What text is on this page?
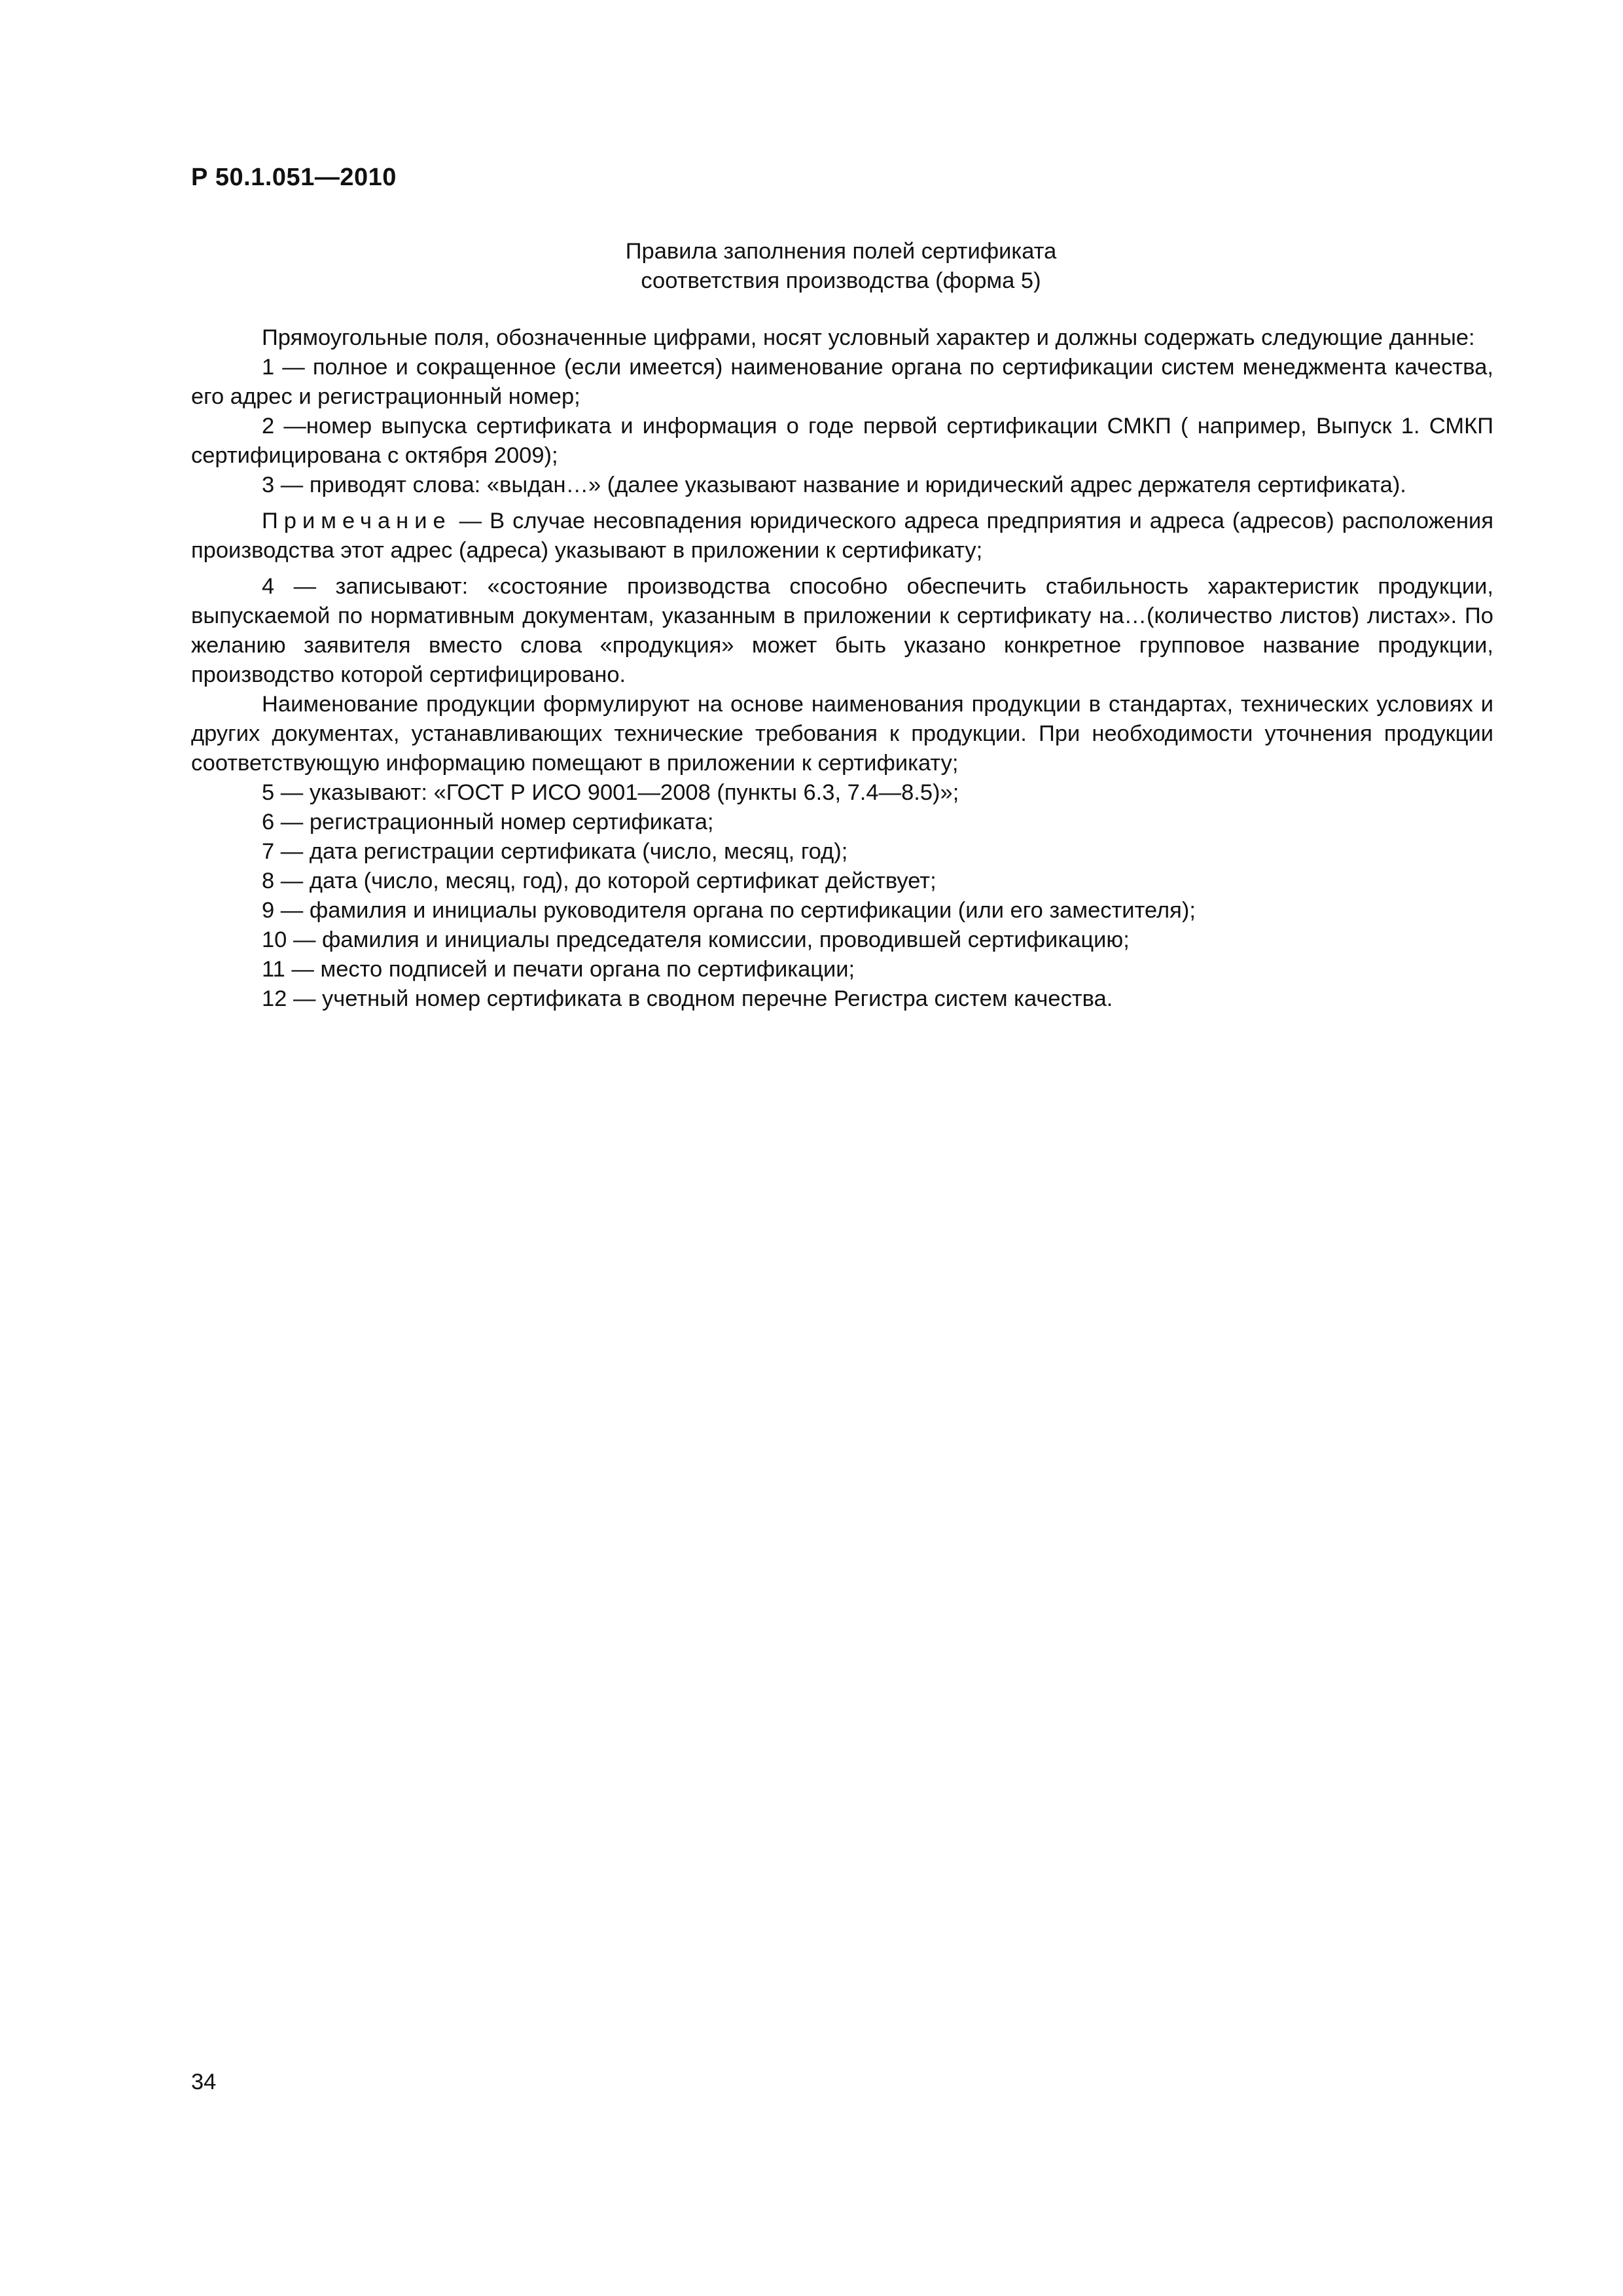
Р 50.1.051—2010

Правила заполнения полей сертификата
соответствия производства (форма 5)

Прямоугольные поля, обозначенные цифрами, носят условный характер и должны содержать следующие данные:

1 — полное и сокращенное (если имеется) наименование органа по сертификации систем менеджмента качества, его адрес и регистрационный номер;

2 —номер выпуска сертификата и информация о годе первой сертификации СМКП ( например, Выпуск 1. СМКП сертифицирована с октября 2009);

3 — приводят слова: «выдан…» (далее указывают название и юридический адрес держателя сертификата).

Примечание — В случае несовпадения юридического адреса предприятия и адреса (адресов) расположения производства этот адрес (адреса) указывают в приложении к сертификату;

4 — записывают: «состояние производства способно обеспечить стабильность характеристик продукции, выпускаемой по нормативным документам, указанным в приложении к сертификату на…(количество листов) листах». По желанию заявителя вместо слова «продукция» может быть указано конкретное групповое название продукции, производство которой сертифицировано.

Наименование продукции формулируют на основе наименования продукции в стандартах, технических условиях и других документах, устанавливающих технические требования к продукции. При необходимости уточнения продукции соответствующую информацию помещают в приложении к сертификату;

5 — указывают: «ГОСТ Р ИСО 9001—2008 (пункты 6.3, 7.4—8.5)»;

6 — регистрационный номер сертификата;

7 — дата регистрации сертификата (число, месяц, год);

8 — дата (число, месяц, год), до которой сертификат действует;

9 — фамилия и инициалы руководителя органа по сертификации (или его заместителя);

10 — фамилия и инициалы председателя комиссии, проводившей сертификацию;

11 — место подписей и печати органа по сертификации;

12 — учетный номер сертификата в сводном перечне Регистра систем качества.

34
